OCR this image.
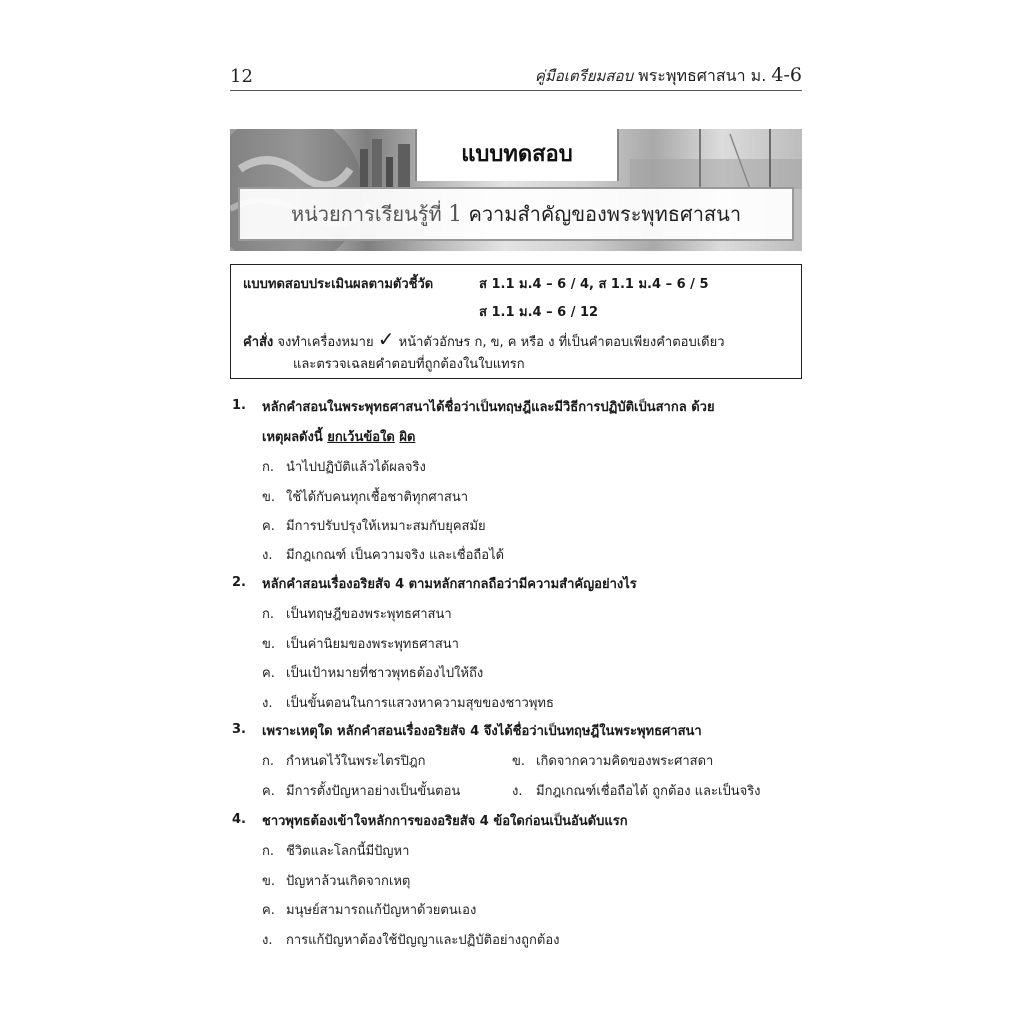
12	คู่มือเตรียมสอบ พระพุทธศาสนา ม. 4-6
แบบทดสอบ
หน่วยการเรียนรู้ที่ 1 ความสำคัญของพระพุทธศาสนา
แบบทดสอบประเมินผลตามตัวชี้วัด	ส 1.1 ม.4 – 6 / 4, ส 1.1 ม.4 – 6 / 5
ส 1.1 ม.4 – 6 / 12
คำสั่ง จงทำเครื่องหมาย ✓ หน้าตัวอักษร ก, ข, ค หรือ ง ที่เป็นคำตอบเพียงคำตอบเดียว
และตรวจเฉลยคำตอบที่ถูกต้องในใบแทรก
1. หลักคำสอนในพระพุทธศาสนาได้ชื่อว่าเป็นทฤษฎีและมีวิธีการปฏิบัติเป็นสากล ด้วย
เหตุผลดังนี้ ยกเว้นข้อใด ผิด
ก. นำไปปฏิบัติแล้วได้ผลจริง
ข. ใช้ได้กับคนทุกเชื้อชาติทุกศาสนา
ค. มีการปรับปรุงให้เหมาะสมกับยุคสมัย
ง. มีกฎเกณฑ์ เป็นความจริง และเชื่อถือได้
2. หลักคำสอนเรื่องอริยสัจ 4 ตามหลักสากลถือว่ามีความสำคัญอย่างไร
ก. เป็นทฤษฎีของพระพุทธศาสนา
ข. เป็นค่านิยมของพระพุทธศาสนา
ค. เป็นเป้าหมายที่ชาวพุทธต้องไปให้ถึง
ง. เป็นขั้นตอนในการแสวงหาความสุขของชาวพุทธ
3. เพราะเหตุใด หลักคำสอนเรื่องอริยสัจ 4 จึงได้ชื่อว่าเป็นทฤษฎีในพระพุทธศาสนา
ก. กำหนดไว้ในพระไตรปิฎก	ข. เกิดจากความคิดของพระศาสดา
ค. มีการตั้งปัญหาอย่างเป็นขั้นตอน	ง. มีกฎเกณฑ์เชื่อถือได้ ถูกต้อง และเป็นจริง
4. ชาวพุทธต้องเข้าใจหลักการของอริยสัจ 4 ข้อใดก่อนเป็นอันดับแรก
ก. ชีวิตและโลกนี้มีปัญหา
ข. ปัญหาล้วนเกิดจากเหตุ
ค. มนุษย์สามารถแก้ปัญหาด้วยตนเอง
ง. การแก้ปัญหาต้องใช้ปัญญาและปฏิบัติอย่างถูกต้อง
